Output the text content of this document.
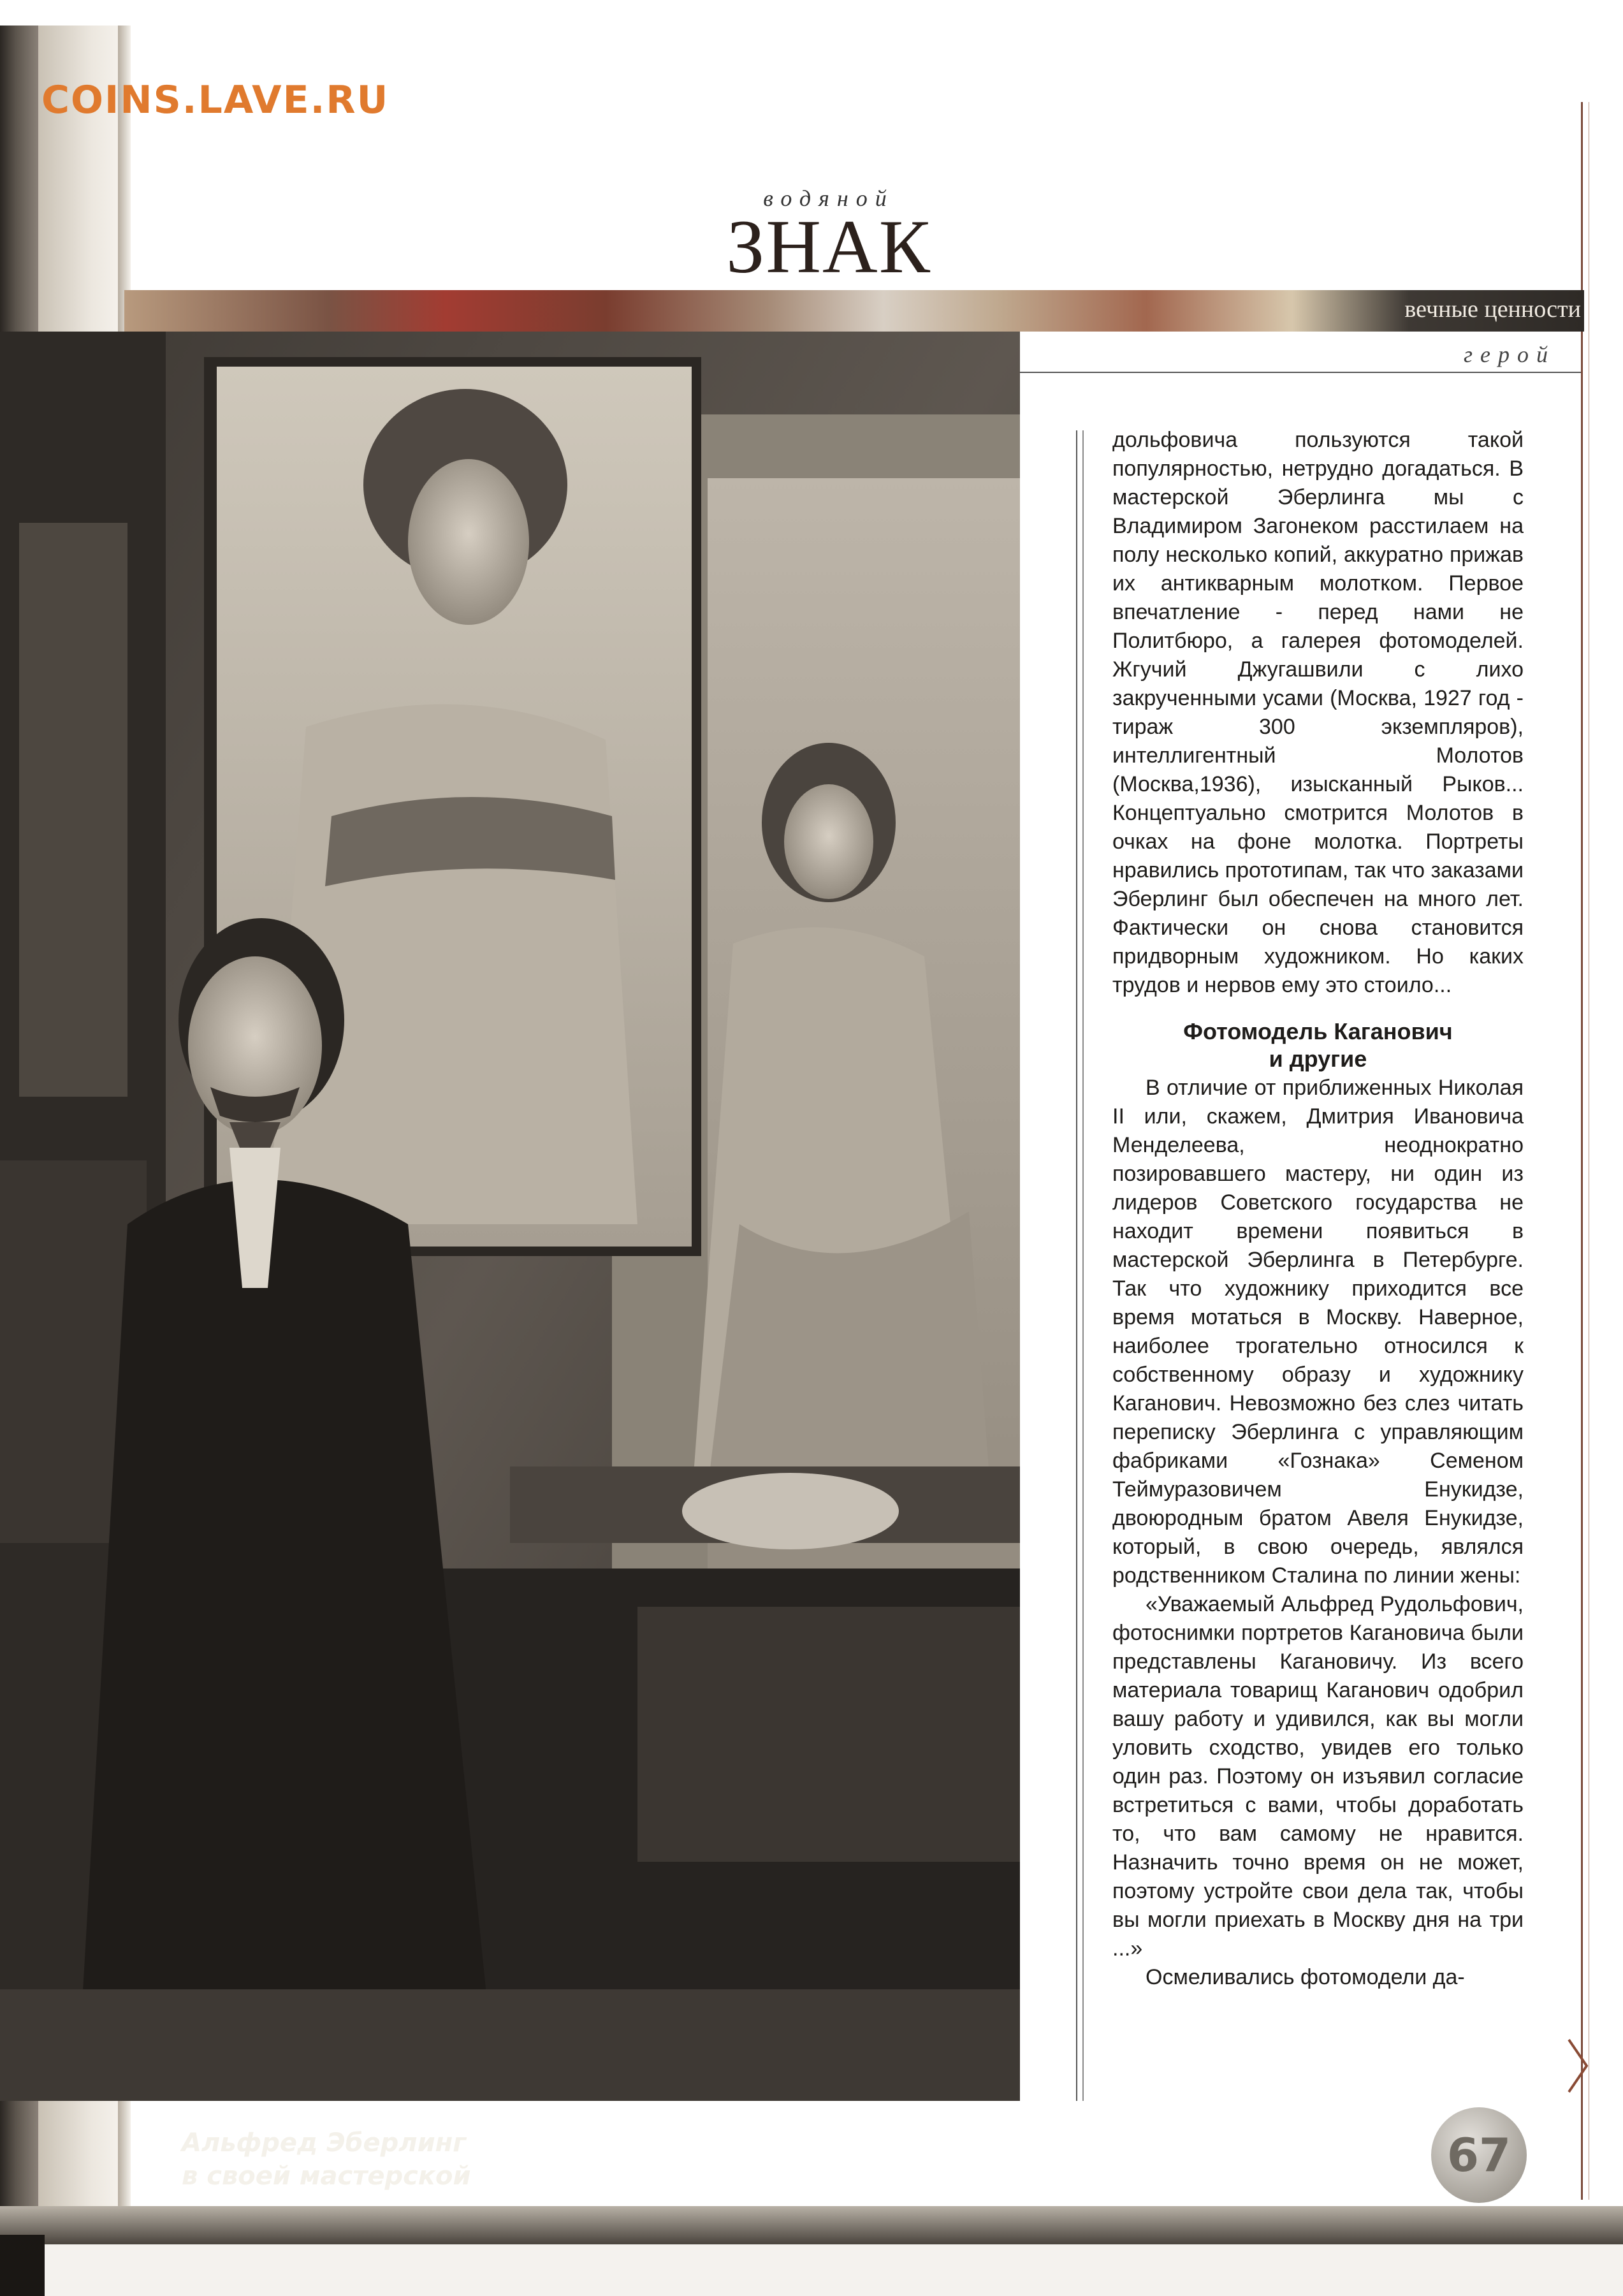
COINS.LAVE.RU

водяной

ЗНАК

вечные ценности

герой

Альфред Эберлинг
в своей мастерской

дольфовича пользуются такой популярностью, нетрудно догадаться. В мастерской Эберлинга мы с Владимиром Загонеком расстилаем на полу несколько копий, аккуратно прижав их антикварным молотком. Первое впечатление - перед нами не Политбюро, а галерея фотомоделей. Жгучий Джугашвили с лихо закрученными усами (Москва, 1927 год - тираж 300 экземпляров), интеллигентный Молотов (Москва,1936), изысканный Рыков... Концептуально смотрится Молотов в очках на фоне молотка. Портреты нравились прототипам, так что заказами Эберлинг был обеспечен на много лет. Фактически он снова становится придворным художником. Но каких трудов и нервов ему это стоило...

Фотомодель Каганович
и другие

В отличие от приближенных Николая II или, скажем, Дмитрия Ивановича Менделеева, неоднократно позировавшего мастеру, ни один из лидеров Советского государства не находит времени появиться в мастерской Эберлинга в Петербурге. Так что художнику приходится все время мотаться в Москву. Наверное, наиболее трогательно относился к собственному образу и художнику Каганович. Невозможно без слез читать переписку Эберлинга с управляющим фабриками «Гознака» Семеном Теймуразовичем Енукидзе, двоюродным братом Авеля Енукидзе, который, в свою очередь, являлся родственником Сталина по линии жены:

«Уважаемый Альфред Рудольфович, фотоснимки портретов Кагановича были представлены Кагановичу. Из всего материала товарищ Каганович одобрил вашу работу и удивился, как вы могли уловить сходство, увидев его только один раз. Поэтому он изъявил согласие встретиться с вами, чтобы доработать то, что вам самому не нравится. Назначить точно время он не может, поэтому устройте свои дела так, чтобы вы могли приехать в Москву дня на три ...»

Осмеливались фотомодели да-

67
